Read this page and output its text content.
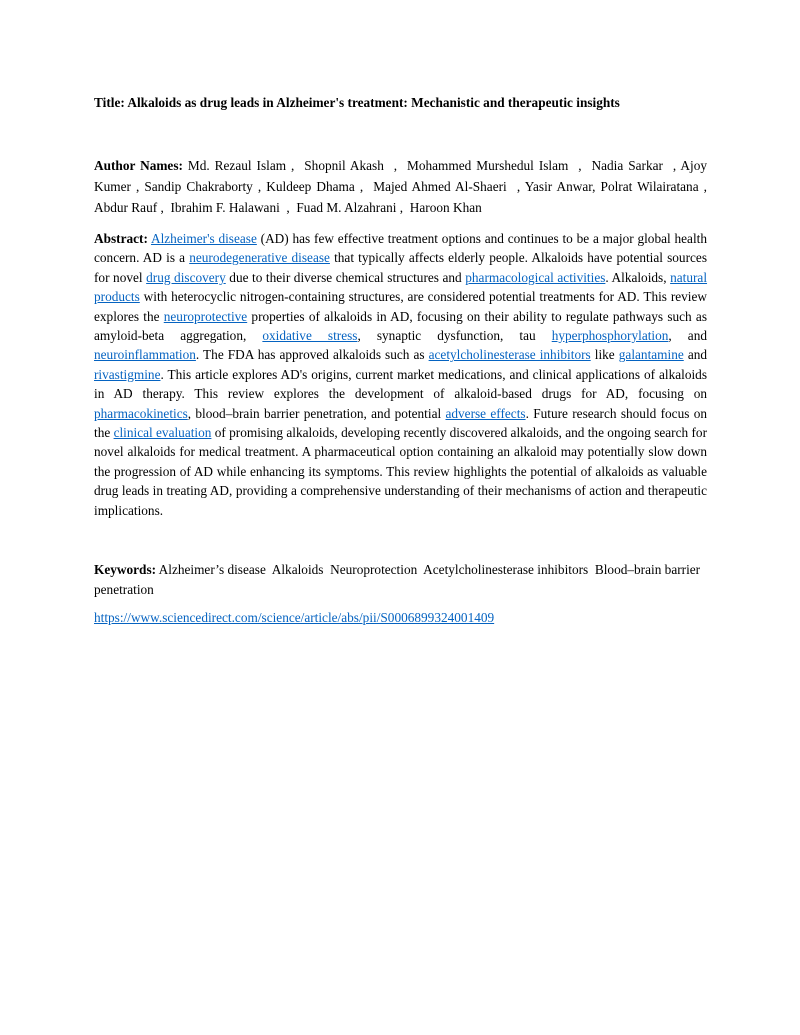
Title: Alkaloids as drug leads in Alzheimer's treatment: Mechanistic and therapeutic insights

Author Names: Md. Rezaul Islam ,  Shopnil Akash  ,  Mohammed Murshedul Islam  ,  Nadia Sarkar  , Ajoy Kumer , Sandip Chakraborty , Kuldeep Dhama ,  Majed Ahmed Al-Shaeri  , Yasir Anwar, Polrat Wilairatana , Abdur Rauf ,  Ibrahim F. Halawani  ,  Fuad M. Alzahrani ,  Haroon Khan
Abstract: Alzheimer's disease (AD) has few effective treatment options and continues to be a major global health concern. AD is a neurodegenerative disease that typically affects elderly people. Alkaloids have potential sources for novel drug discovery due to their diverse chemical structures and pharmacological activities. Alkaloids, natural products with heterocyclic nitrogen-containing structures, are considered potential treatments for AD. This review explores the neuroprotective properties of alkaloids in AD, focusing on their ability to regulate pathways such as amyloid-beta aggregation, oxidative stress, synaptic dysfunction, tau hyperphosphorylation, and neuroinflammation. The FDA has approved alkaloids such as acetylcholinesterase inhibitors like galantamine and rivastigmine. This article explores AD's origins, current market medications, and clinical applications of alkaloids in AD therapy. This review explores the development of alkaloid-based drugs for AD, focusing on pharmacokinetics, blood–brain barrier penetration, and potential adverse effects. Future research should focus on the clinical evaluation of promising alkaloids, developing recently discovered alkaloids, and the ongoing search for novel alkaloids for medical treatment. A pharmaceutical option containing an alkaloid may potentially slow down the progression of AD while enhancing its symptoms. This review highlights the potential of alkaloids as valuable drug leads in treating AD, providing a comprehensive understanding of their mechanisms of action and therapeutic implications.
Keywords: Alzheimer’s disease  Alkaloids  Neuroprotection  Acetylcholinesterase inhibitors  Blood–brain barrier penetration
https://www.sciencedirect.com/science/article/abs/pii/S0006899324001409
